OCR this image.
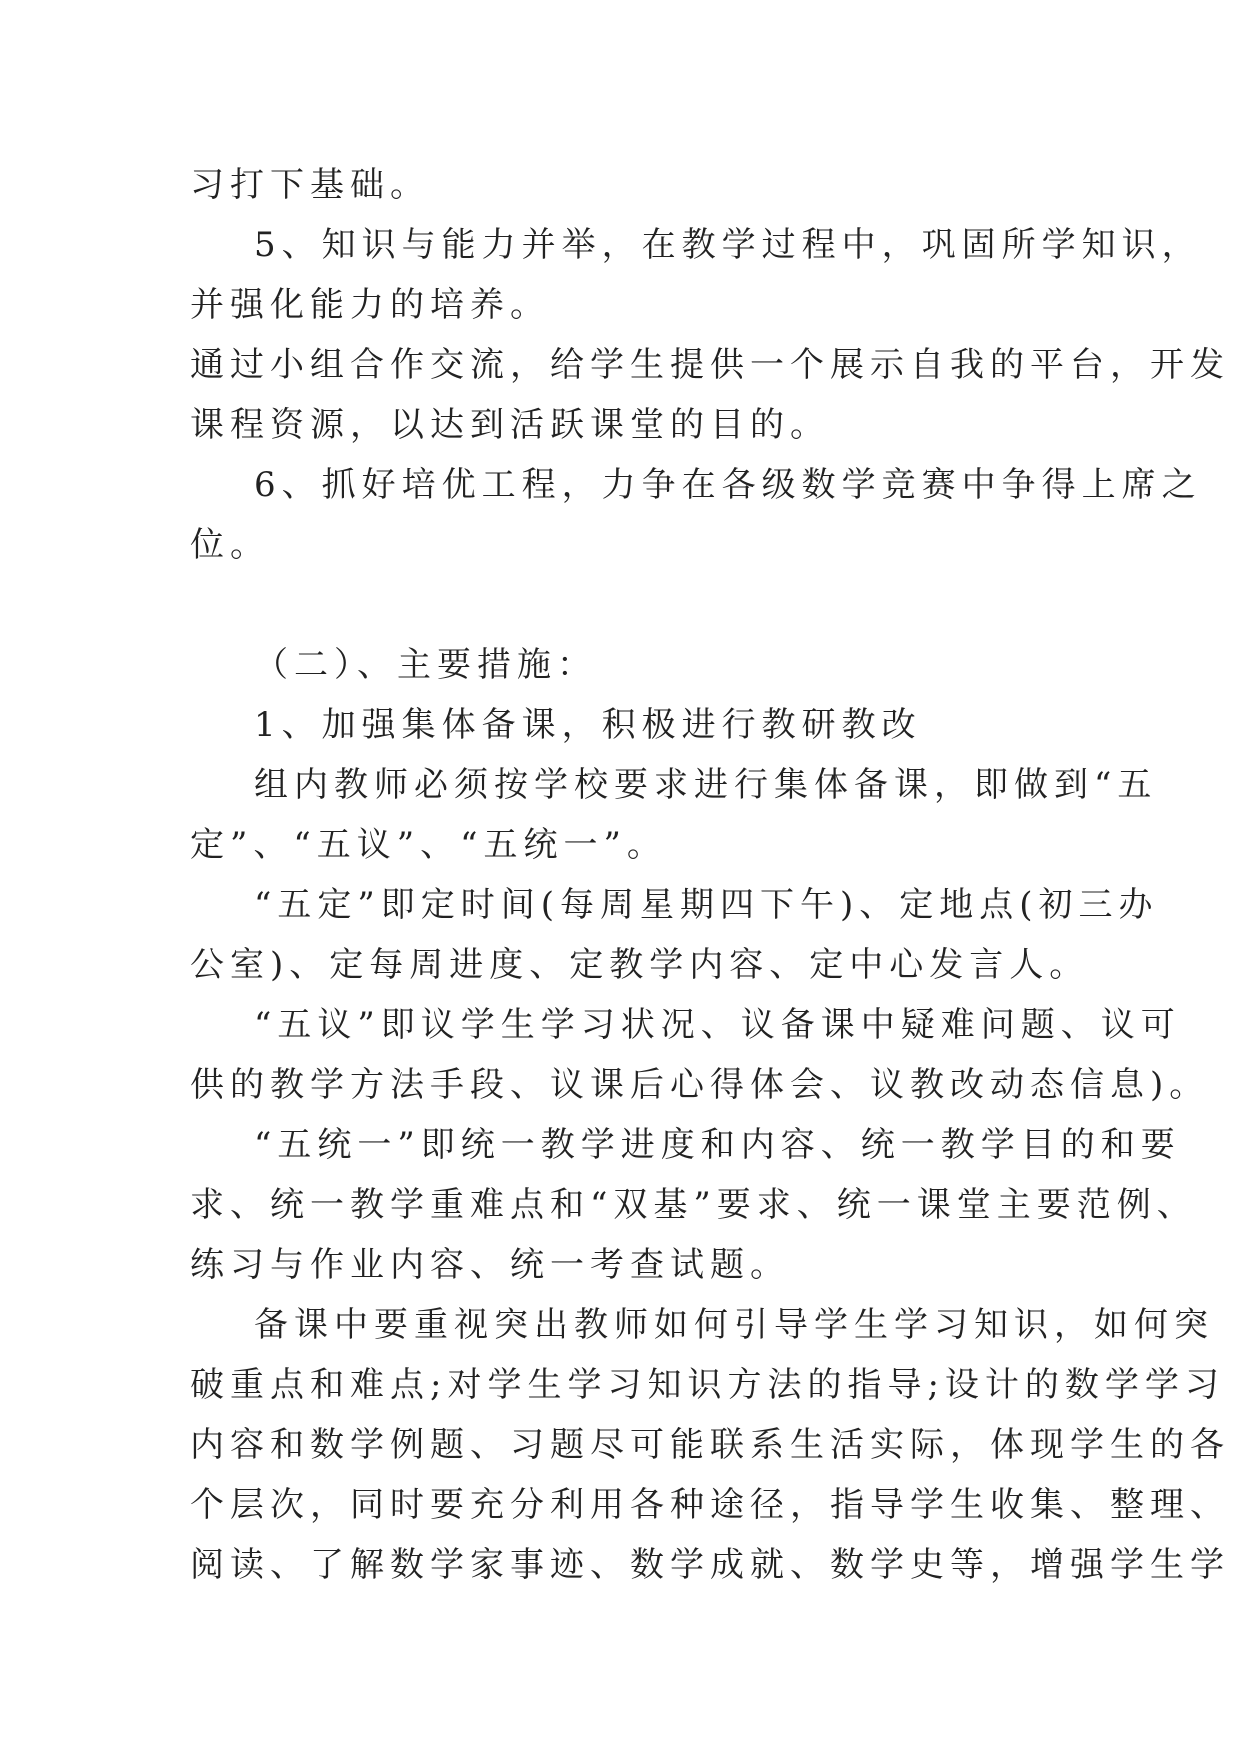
习打下基础。
5、知识与能力并举，在教学过程中，巩固所学知识，
并强化能力的培养。
通过小组合作交流，给学生提供一个展示自我的平台，开发
课程资源，以达到活跃课堂的目的。
6、抓好培优工程，力争在各级数学竞赛中争得上席之
位。
（二）、主要措施：
1、加强集体备课，积极进行教研教改
组内教师必须按学校要求进行集体备课，即做到“五
定”、“五议”、“五统一”。
“五定”即定时间(每周星期四下午)、定地点(初三办
公室)、定每周进度、定教学内容、定中心发言人。
“五议”即议学生学习状况、议备课中疑难问题、议可
供的教学方法手段、议课后心得体会、议教改动态信息)。
“五统一”即统一教学进度和内容、统一教学目的和要
求、统一教学重难点和“双基”要求、统一课堂主要范例、
练习与作业内容、统一考查试题。
备课中要重视突出教师如何引导学生学习知识，如何突
破重点和难点;对学生学习知识方法的指导;设计的数学学习
内容和数学例题、习题尽可能联系生活实际，体现学生的各
个层次，同时要充分利用各种途径，指导学生收集、整理、
阅读、了解数学家事迹、数学成就、数学史等，增强学生学
